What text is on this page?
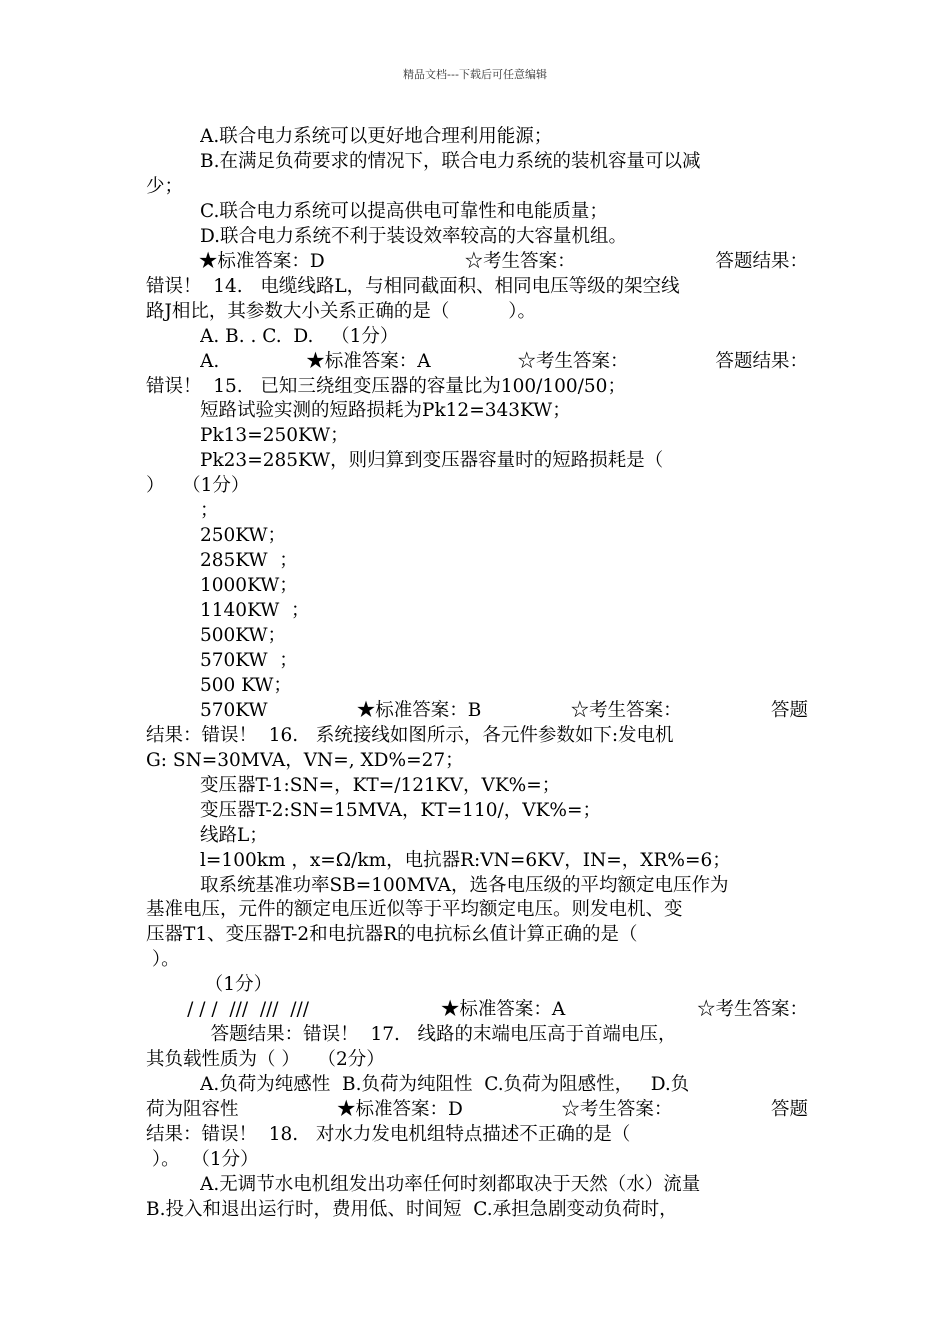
精品文档---下载后可任意编辑
A.联合电力系统可以更好地合理利用能源；
B.在满足负荷要求的情况下，联合电力系统的装机容量可以减
少；
C.联合电力系统可以提高供电可靠性和电能质量；
D.联合电力系统不利于装设效率较高的大容量机组。
★标准答案：D	☆考生答案：	答题结果：
错误！  14.   电缆线路L，与相同截面积、相同电压等级的架空线
路J相比，其参数大小关系正确的是（          ）。
A. B. . C.  D.   （1分）
A.	★标准答案：A	☆考生答案：	答题结果：
错误！  15.   已知三绕组变压器的容量比为100/100/50；
短路试验实测的短路损耗为Pk12=343KW；
Pk13=250KW；
Pk23=285KW，则归算到变压器容量时的短路损耗是（
）   （1分）
；
250KW；
285KW  ；
1000KW；
1140KW  ；
500KW；
570KW  ；
500 KW；
570KW	★标准答案：B	☆考生答案：	答题
结果：错误！  16.   系统接线如图所示，各元件参数如下:发电机
G: SN=30MVA，VN=, XD%=27；
变压器T-1:SN=，KT=/121KV，VK%=；
变压器T-2:SN=15MVA，KT=110/，VK%=；
线路L；
l=100km ，x=Ω/km，电抗器R:VN=6KV，IN=，XR%=6；
取系统基准功率SB=100MVA，选各电压级的平均额定电压作为
基准电压，元件的额定电压近似等于平均额定电压。则发电机、变
压器T1、变压器T-2和电抗器R的电抗标幺值计算正确的是（
）。
（1分）
/ / /  ///  ///  ///	★标准答案：A	☆考生答案：
答题结果：错误！  17.   线路的末端电压高于首端电压，
其负载性质为（ ）   （2分）
A.负荷为纯感性  B.负荷为纯阻性  C.负荷为阻感性，   D.负
荷为阻容性	★标准答案：D	☆考生答案：	答题
结果：错误！  18.   对水力发电机组特点描述不正确的是（
）。  （1分）
A.无调节水电机组发出功率任何时刻都取决于天然（水）流量
B.投入和退出运行时，费用低、时间短  C.承担急剧变动负荷时，
